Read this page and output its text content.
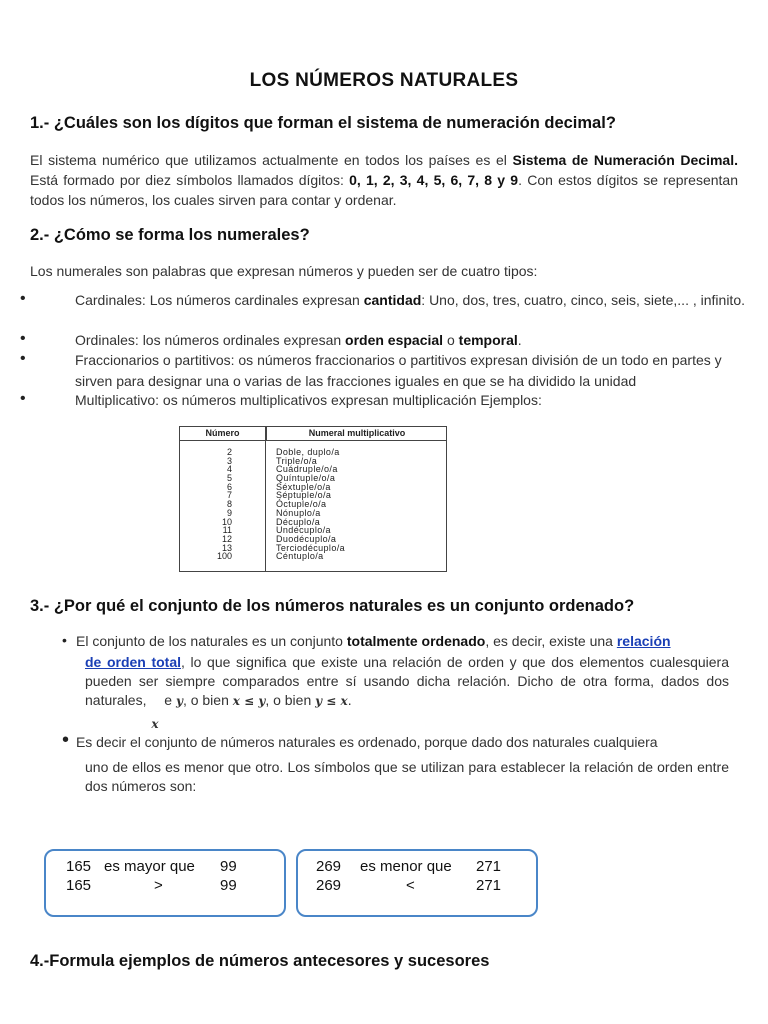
LOS NÚMEROS NATURALES
1.- ¿Cuáles son los dígitos que forman el sistema de numeración decimal?
El sistema numérico que utilizamos actualmente en todos los países es el Sistema de Numeración Decimal. Está formado por diez símbolos llamados dígitos: 0, 1, 2, 3, 4, 5, 6, 7, 8 y 9. Con estos dígitos se representan todos los números, los cuales sirven para contar y ordenar.
2.- ¿Cómo se forma los numerales?
Los numerales son palabras que expresan números y pueden ser de cuatro tipos:
•	Cardinales: Los números cardinales expresan cantidad: Uno, dos, tres, cuatro, cinco, seis, siete,... , infinito.
•	Ordinales: los números ordinales expresan orden espacial o temporal.
•	Fraccionarios o partitivos: os números fraccionarios o partitivos expresan división de un todo en partes y sirven para designar una o varias de las fracciones iguales en que se ha dividido la unidad
•	Multiplicativo: os números multiplicativos expresan multiplicación Ejemplos:
Número	Numeral multiplicativo
2	Doble, duplo/a
3	Triple/o/a
4	Cuádruple/o/a
5	Quíntuple/o/a
6	Séxtuple/o/a
7	Séptuple/o/a
8	Óctuple/o/a
9	Nónuplo/a
10	Décuplo/a
11	Undécuplo/a
12	Duodécuplo/a
13	Terciodécuplo/a
100	Céntuplo/a
3.- ¿Por qué el conjunto de los números naturales es un conjunto ordenado?
• El conjunto de los naturales es un conjunto totalmente ordenado, es decir, existe una relación
de orden total, lo que significa que existe una relación de orden y que dos elementos cualesquiera pueden ser siempre comparados entre sí usando dicha relación. Dicho de otra forma, dados dos naturales,
x
e y, o bien x ≤ y, o bien y ≤ x.
• Es decir el conjunto de números naturales es ordenado, porque dado dos naturales cualquiera
uno de ellos es menor que otro. Los símbolos que se utilizan para establecer la relación de orden entre dos números son:
165 es mayor que 99
165	>	99
269 es menor que 271
269	<	271
4.-Formula ejemplos de números antecesores y sucesores
